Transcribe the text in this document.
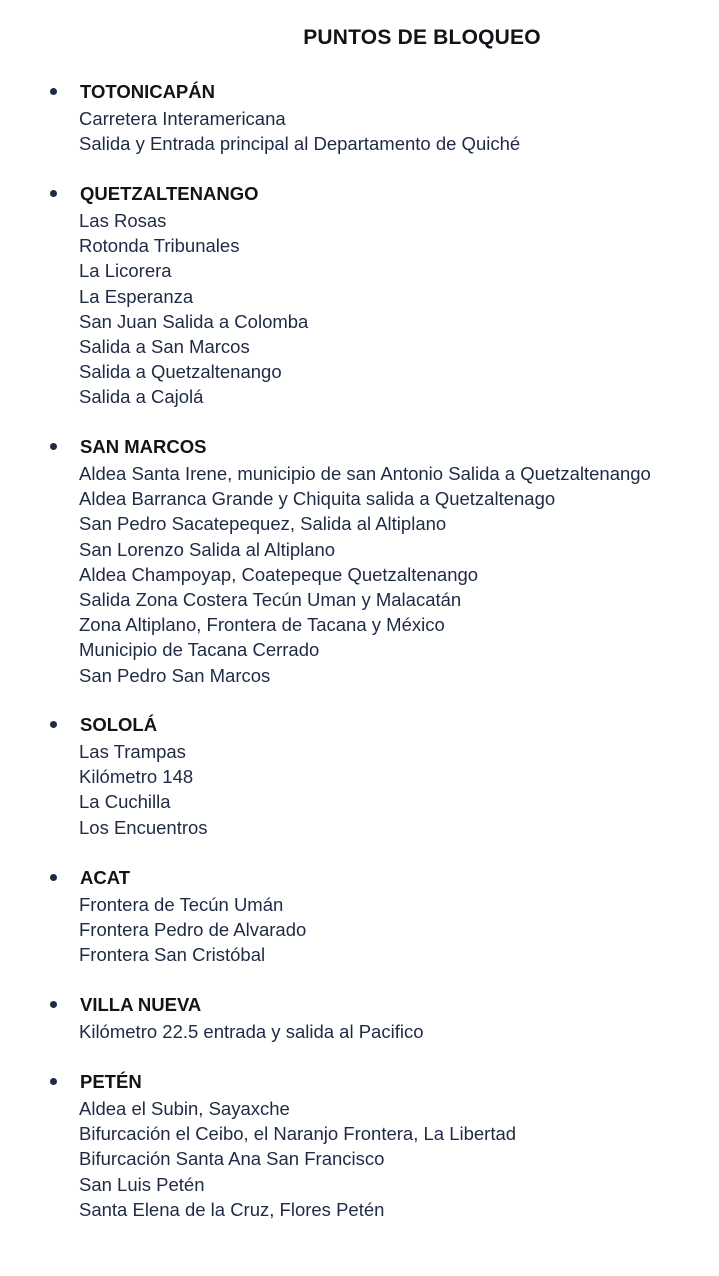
PUNTOS DE BLOQUEO
TOTONICAPÁN
Carretera Interamericana
Salida y Entrada principal al Departamento de Quiché
QUETZALTENANGO
Las Rosas
Rotonda Tribunales
La Licorera
La Esperanza
San Juan Salida a Colomba
Salida a San Marcos
Salida a Quetzaltenango
Salida a Cajolá
SAN MARCOS
Aldea Santa Irene, municipio de san Antonio Salida a Quetzaltenango
Aldea Barranca Grande y Chiquita salida a Quetzaltenago
San Pedro Sacatepequez, Salida al Altiplano
San Lorenzo Salida al Altiplano
Aldea Champoyap, Coatepeque Quetzaltenango
Salida Zona Costera Tecún Uman y Malacatán
Zona Altiplano, Frontera de Tacana y México
Municipio de Tacana Cerrado
San Pedro San Marcos
SOLOLÁ
Las Trampas
Kilómetro 148
La Cuchilla
Los Encuentros
ACAT
Frontera de Tecún Umán
Frontera Pedro de Alvarado
Frontera San Cristóbal
VILLA NUEVA
Kilómetro 22.5 entrada y salida al Pacifico
PETÉN
Aldea el Subin, Sayaxche
Bifurcación el Ceibo, el Naranjo Frontera, La Libertad
Bifurcación Santa Ana San Francisco
San Luis Petén
Santa Elena de la Cruz, Flores Petén
